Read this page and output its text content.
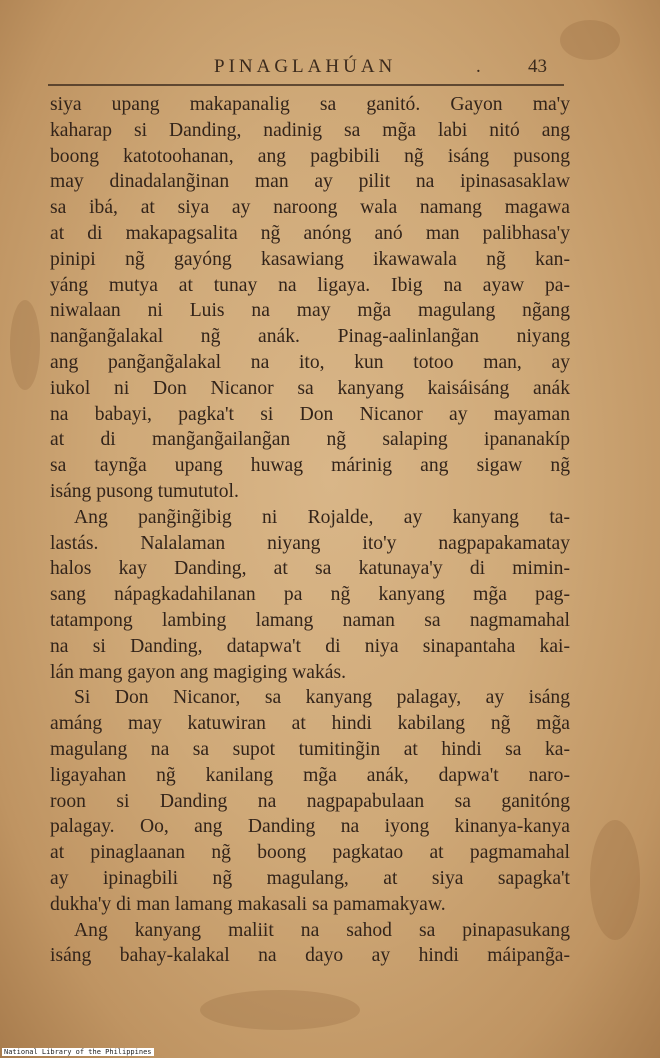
PINAGLAHÚAN	. 43
siya upang makapanalig sa ganitó. Gayon ma'y
kaharap si Danding, nadinig sa mg̃a labi nitó ang
boong katotoohanan, ang pagbibili ng̃ isáng pusong
may dinadalang̃inan man ay pilit na ipinasasaklaw
sa ibá, at siya ay naroong wala namang magawa
at di makapagsalita ng̃ anóng anó man palibhasa'y
pinipi ng̃ gayóng kasawiang ikawawala ng̃ kan-
yáng mutya at tunay na ligaya. Ibig na ayaw pa-
niwalaan ni Luis na may mg̃a magulang ng̃ang
nang̃ang̃alakal ng̃ anák. Pinag-aalinlang̃an niyang
ang pang̃ang̃alakal na ito, kun totoo man, ay
iukol ni Don Nicanor sa kanyang kaisáisáng anák
na babayi, pagka't si Don Nicanor ay mayaman
at di mang̃ang̃ailang̃an ng̃ salaping ipananakíp
sa tayng̃a upang huwag márinig ang sigaw ng̃
isáng pusong tumututol.
Ang pang̃ing̃ibig ni Rojalde, ay kanyang ta-
lastás. Nalalaman niyang ito'y nagpapakamatay
halos kay Danding, at sa katunaya'y di mimin-
sang nápagkadahilanan pa ng̃ kanyang mg̃a pag-
tatampong lambing lamang naman sa nagmamahal
na si Danding, datapwa't di niya sinapantaha kai-
lán mang gayon ang magiging wakás.
Si Don Nicanor, sa kanyang palagay, ay isáng
amáng may katuwiran at hindi kabilang ng̃ mg̃a
magulang na sa supot tumiting̃in at hindi sa ka-
ligayahan ng̃ kanilang mg̃a anák, dapwa't naro-
roon si Danding na nagpapabulaan sa ganitóng
palagay. Oo, ang Danding na iyong kinanya-kanya
at pinaglaanan ng̃ boong pagkatao at pagmamahal
ay ipinagbili ng̃ magulang, at siya sapagka't
dukha'y di man lamang makasali sa pamamakyaw.
Ang kanyang maliit na sahod sa pinapasukang
isáng bahay-kalakal na dayo ay hindi máipang̃a-
National Library of the Philippines
